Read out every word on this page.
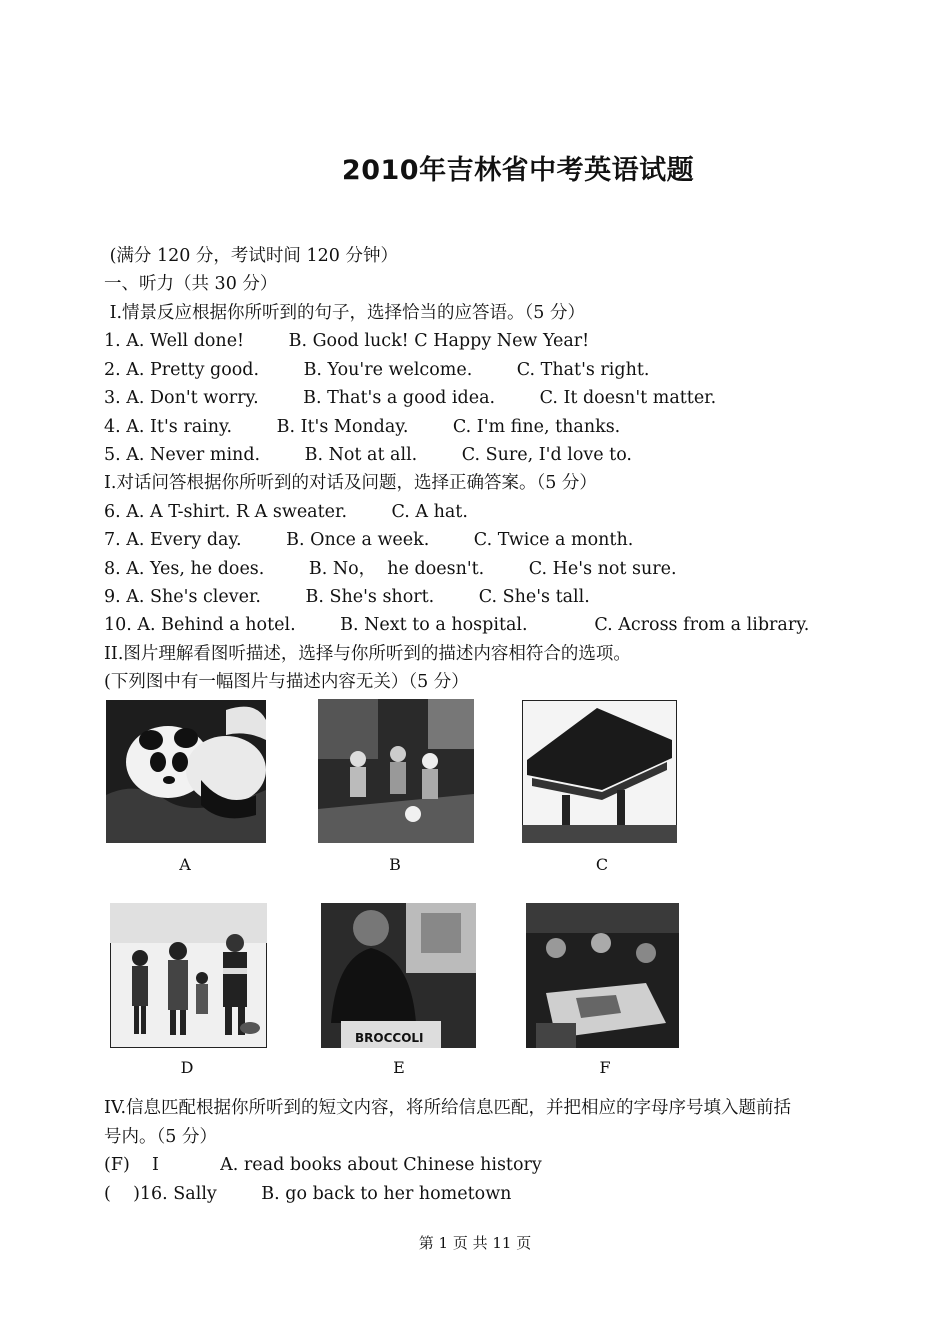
2010年吉林省中考英语试题
(满分 120 分，考试时间 120 分钟）
一、听力（共 30 分）
I.情景反应根据你所听到的句子，选择恰当的应答语。（5 分）
1. A. Well done!        B. Good luck! C Happy New Year!
2. A. Pretty good.        B. You're welcome.        C. That's right.
3. A. Don't worry.        B. That's a good idea.        C. It doesn't matter.
4. A. It's rainy.        B. It's Monday.        C. I'm fine, thanks.
5. A. Never mind.        B. Not at all.        C. Sure, I'd love to.
I.对话问答根据你所听到的对话及问题，选择正确答案。（5 分）
6. A. A T-shirt. R A sweater.        C. A hat.
7. A. Every day.        B. Once a week.        C. Twice a month.
8. A. Yes, he does.        B. No，  he doesn't.        C. He's not sure.
9. A. She's clever.        B. She's short.        C. She's tall.
10. A. Behind a hotel.        B. Next to a hospital.            C. Across from a library.
II.图片理解看图听描述，选择与你所听到的描述内容相符合的选项。
(下列图中有一幅图片与描述内容无关）（5 分）
A	B	C
D
BROCCOLI
E	F
IV.信息匹配根据你所听到的短文内容，将所给信息匹配，并把相应的字母序号填入题前括
号内。（5 分）
(F)    I           A. read books about Chinese history
(    )16. Sally        B. go back to her hometown
第 1 页 共 11 页
